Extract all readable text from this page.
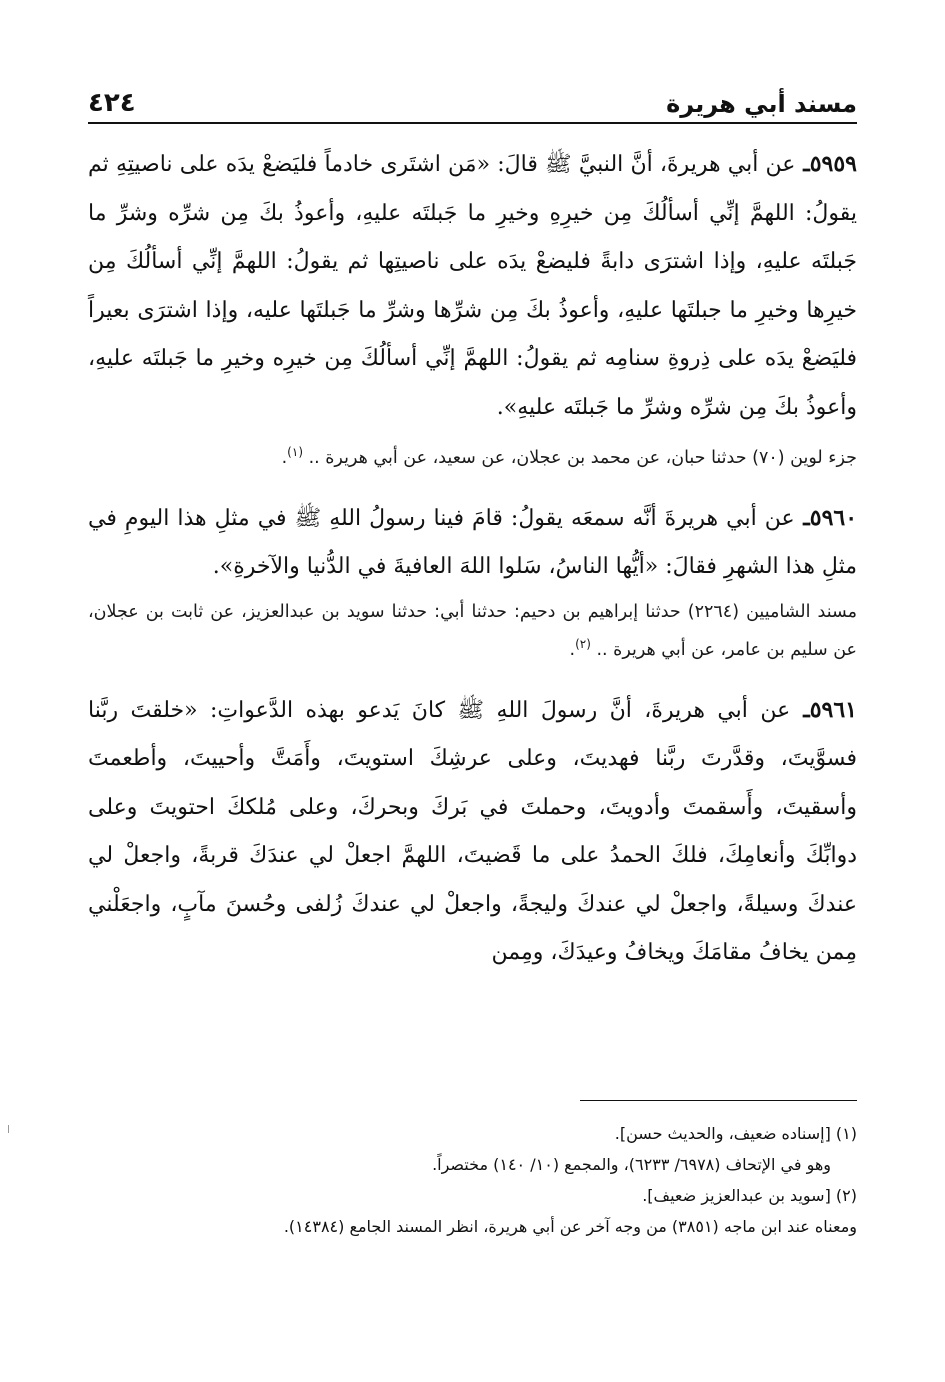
٤٢٤	مسند أبي هريرة

٥٩٥٩ـ عن أبي هريرةَ، أنَّ النبيَّ ﷺ قالَ: «مَن اشتَرى خادماً فليَضعْ يدَه على ناصيتِهِ ثم يقولُ: اللهمَّ إنِّي أسألُكَ مِن خيرِهِ وخيرِ ما جَبلتَه عليهِ، وأعوذُ بكَ مِن شرِّه وشرِّ ما جَبلتَه عليهِ، وإذا اشترَى دابةً فليضعْ يدَه على ناصيتِها ثم يقولُ: اللهمَّ إنِّي أسألُكَ مِن خيرِها وخيرِ ما جبلتَها عليهِ، وأعوذُ بكَ مِن شرِّها وشرِّ ما جَبلتَها عليه، وإذا اشترَى بعيراً فليَضعْ يدَه على ذِروةِ سنامِه ثم يقولُ: اللهمَّ إنِّي أسألُكَ مِن خيرِه وخيرِ ما جَبلتَه عليهِ، وأعوذُ بكَ مِن شرِّه وشرِّ ما جَبلتَه عليهِ».

جزء لوين (٧٠) حدثنا حبان، عن محمد بن عجلان، عن سعيد، عن أبي هريرة .. $^{(١)}$.

٥٩٦٠ـ عن أبي هريرةَ أنَّه سمعَه يقولُ: قامَ فينا رسولُ اللهِ ﷺ في مثلِ هذا اليومِ في مثلِ هذا الشهرِ فقالَ: «أيُّها الناسُ، سَلوا اللهَ العافيةَ في الدُّنيا والآخرةِ».

مسند الشاميين (٢٢٦٤) حدثنا إبراهيم بن دحيم: حدثنا أبي: حدثنا سويد بن عبدالعزيز، عن ثابت بن عجلان، عن سليم بن عامر، عن أبي هريرة .. $^{(٢)}$.

٥٩٦١ـ عن أبي هريرةَ، أنَّ رسولَ اللهِ ﷺ كانَ يَدعو بهذه الدَّعواتِ: «خلقتَ ربَّنا فسوَّيتَ، وقدَّرتَ ربَّنا فهديتَ، وعلى عرشِكَ استويتَ، وأَمَتَّ وأحييتَ، وأطعمتَ وأسقيتَ، وأَسقمتَ وأدويتَ، وحملتَ في بَركَ وبحركَ، وعلى مُلككَ احتويتَ وعلى دوابِّكَ وأنعامِكَ، فلكَ الحمدُ على ما قَضيتَ، اللهمَّ اجعلْ لي عندَكَ قربةً، واجعلْ لي عندكَ وسيلةً، واجعلْ لي عندكَ وليجةً، واجعلْ لي عندكَ زُلفى وحُسنَ مآبٍ، واجعَلْني مِمن يخافُ مقامَكَ ويخافُ وعيدَكَ، ومِمن

(١) [إسناده ضعيف، والحديث حسن].

وهو في الإتحاف (٦٩٧٨/ ٦٢٣٣)، والمجمع (١٠/ ١٤٠) مختصراً.

(٢) [سويد بن عبدالعزيز ضعيف].

ومعناه عند ابن ماجه (٣٨٥١) من وجه آخر عن أبي هريرة، انظر المسند الجامع (١٤٣٨٤).
